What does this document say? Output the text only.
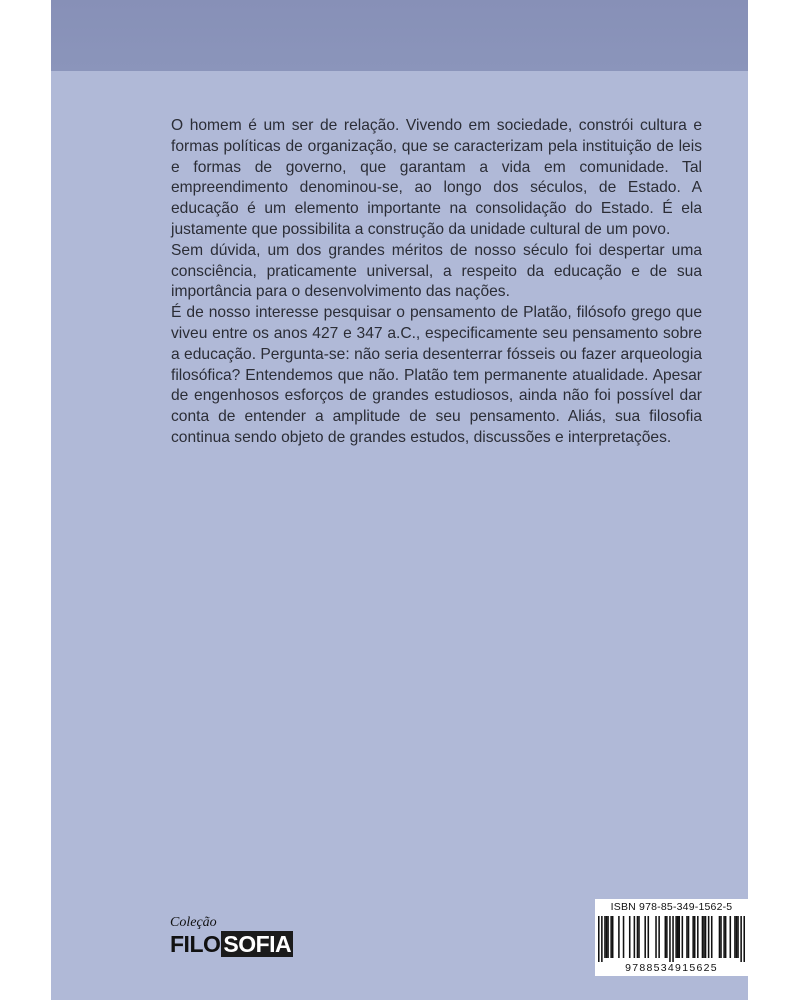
O homem é um ser de relação. Vivendo em sociedade, constrói cultura e formas políticas de organização, que se caracterizam pela instituição de leis e formas de governo, que garantam a vida em comunidade. Tal empreendimento denominou-se, ao longo dos séculos, de Estado. A educação é um elemento importante na consolidação do Estado. É ela justamente que possibilita a construção da unidade cultural de um povo.

Sem dúvida, um dos grandes méritos de nosso século foi despertar uma consciência, praticamente universal, a respeito da educação e de sua importância para o desenvolvimento das nações.

É de nosso interesse pesquisar o pensamento de Platão, filósofo grego que viveu entre os anos 427 e 347 a.C., especificamente seu pensamento sobre a educação. Pergunta-se: não seria desenterrar fósseis ou fazer arqueologia filosófica? Entendemos que não. Platão tem permanente atualidade. Apesar de engenhosos esforços de grandes estudiosos, ainda não foi possível dar conta de entender a amplitude de seu pensamento. Aliás, sua filosofia continua sendo objeto de grandes estudos, discussões e interpretações.

Coleção
FILO SOFIA
ISBN 978-85-349-1562-5
9788534915625
